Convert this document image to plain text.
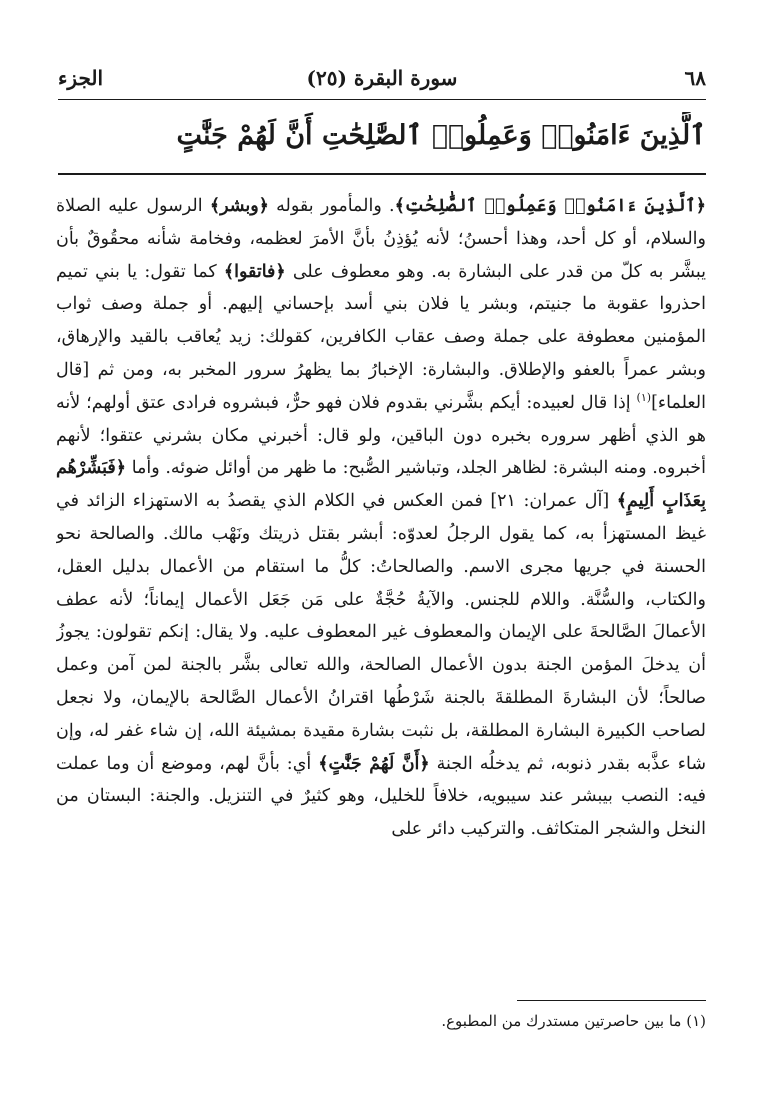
٦٨
سورة البقرة (٢٥)
الجزء
ٱلَّذِينَ ءَامَنُوا۟ وَعَمِلُوا۟ ٱلصَّٰلِحَٰتِ أَنَّ لَهُمْ جَنَّٰتٍ

﴿ٱلَّذِينَ ءَامَنُوا۟ وَعَمِلُوا۟ ٱلصَّٰلِحَٰتِ﴾. والمأمور بقوله ﴿وبشر﴾ الرسول عليه الصلاة والسلام، أو كل أحد، وهذا أحسنُ؛ لأنه يُؤذِنُ بأنَّ الأمرَ لعظمه، وفخامة شأنه محقُوقٌ بأن يبشَّر به كلّ من قدر على البشارة به. وهو معطوف على ﴿فاتقوا﴾ كما تقول: يا بني تميم احذروا عقوبة ما جنيتم، وبشر يا فلان بني أسد بإحساني إليهم. أو جملة وصف ثواب المؤمنين معطوفة على جملة وصف عقاب الكافرين، كقولك: زيد يُعاقب بالقيد والإرهاق، وبشر عمراً بالعفو والإطلاق. والبشارة: الإخبارُ بما يظهرُ سرور المخبر به، ومن ثم [قال العلماء]$^{(١)}$ إذا قال لعبيده: أيكم بشَّرني بقدوم فلان فهو حرٌّ، فبشروه فرادى عتق أولهم؛ لأنه هو الذي أظهر سروره بخبره دون الباقين، ولو قال: أخبرني مكان بشرني عتقوا؛ لأنهم أخبروه. ومنه البشرة: لظاهر الجلد، وتباشير الصُّبح: ما ظهر من أوائل ضوئه. وأما ﴿فَبَشِّرْهُم بِعَذَابٍ أَلِيمٍ﴾ [آل عمران: ٢١] فمن العكس في الكلام الذي يقصدُ به الاستهزاء الزائد في غيظ المستهزأ به، كما يقول الرجلُ لعدوّه: أبشر بقتل ذريتك ونَهْب مالك. والصالحة نحو الحسنة في جريها مجرى الاسم. والصالحاتُ: كلُّ ما استقام من الأعمال بدليل العقل، والكتاب، والسُّنَّة. واللام للجنس. والآيةُ حُجَّةٌ على مَن جَعَل الأعمال إيماناً؛ لأنه عطف الأعمالَ الصَّالحةَ على الإيمان والمعطوف غير المعطوف عليه. ولا يقال: إنكم تقولون: يجوزُ أن يدخلَ المؤمن الجنة بدون الأعمال الصالحة، والله تعالى بشَّر بالجنة لمن آمن وعمل صالحاً؛ لأن البشارةَ المطلقةَ بالجنة شَرْطُها اقترانُ الأعمال الصَّالحة بالإيمان، ولا نجعل لصاحب الكبيرة البشارة المطلقة، بل نثبت بشارة مقيدة بمشيئة الله، إن شاء غفر له، وإن شاء عذَّبه بقدر ذنوبه، ثم يدخلُه الجنة ﴿أَنَّ لَهُمْ جَنَّٰتٍ﴾ أي: بأنَّ لهم، وموضع أن وما عملت فيه: النصب بيبشر عند سيبويه، خلافاً للخليل، وهو كثيرٌ في التنزيل. والجنة: البستان من النخل والشجر المتكاثف. والتركيب دائر على

(١) ما بين حاصرتين مستدرك من المطبوع.
